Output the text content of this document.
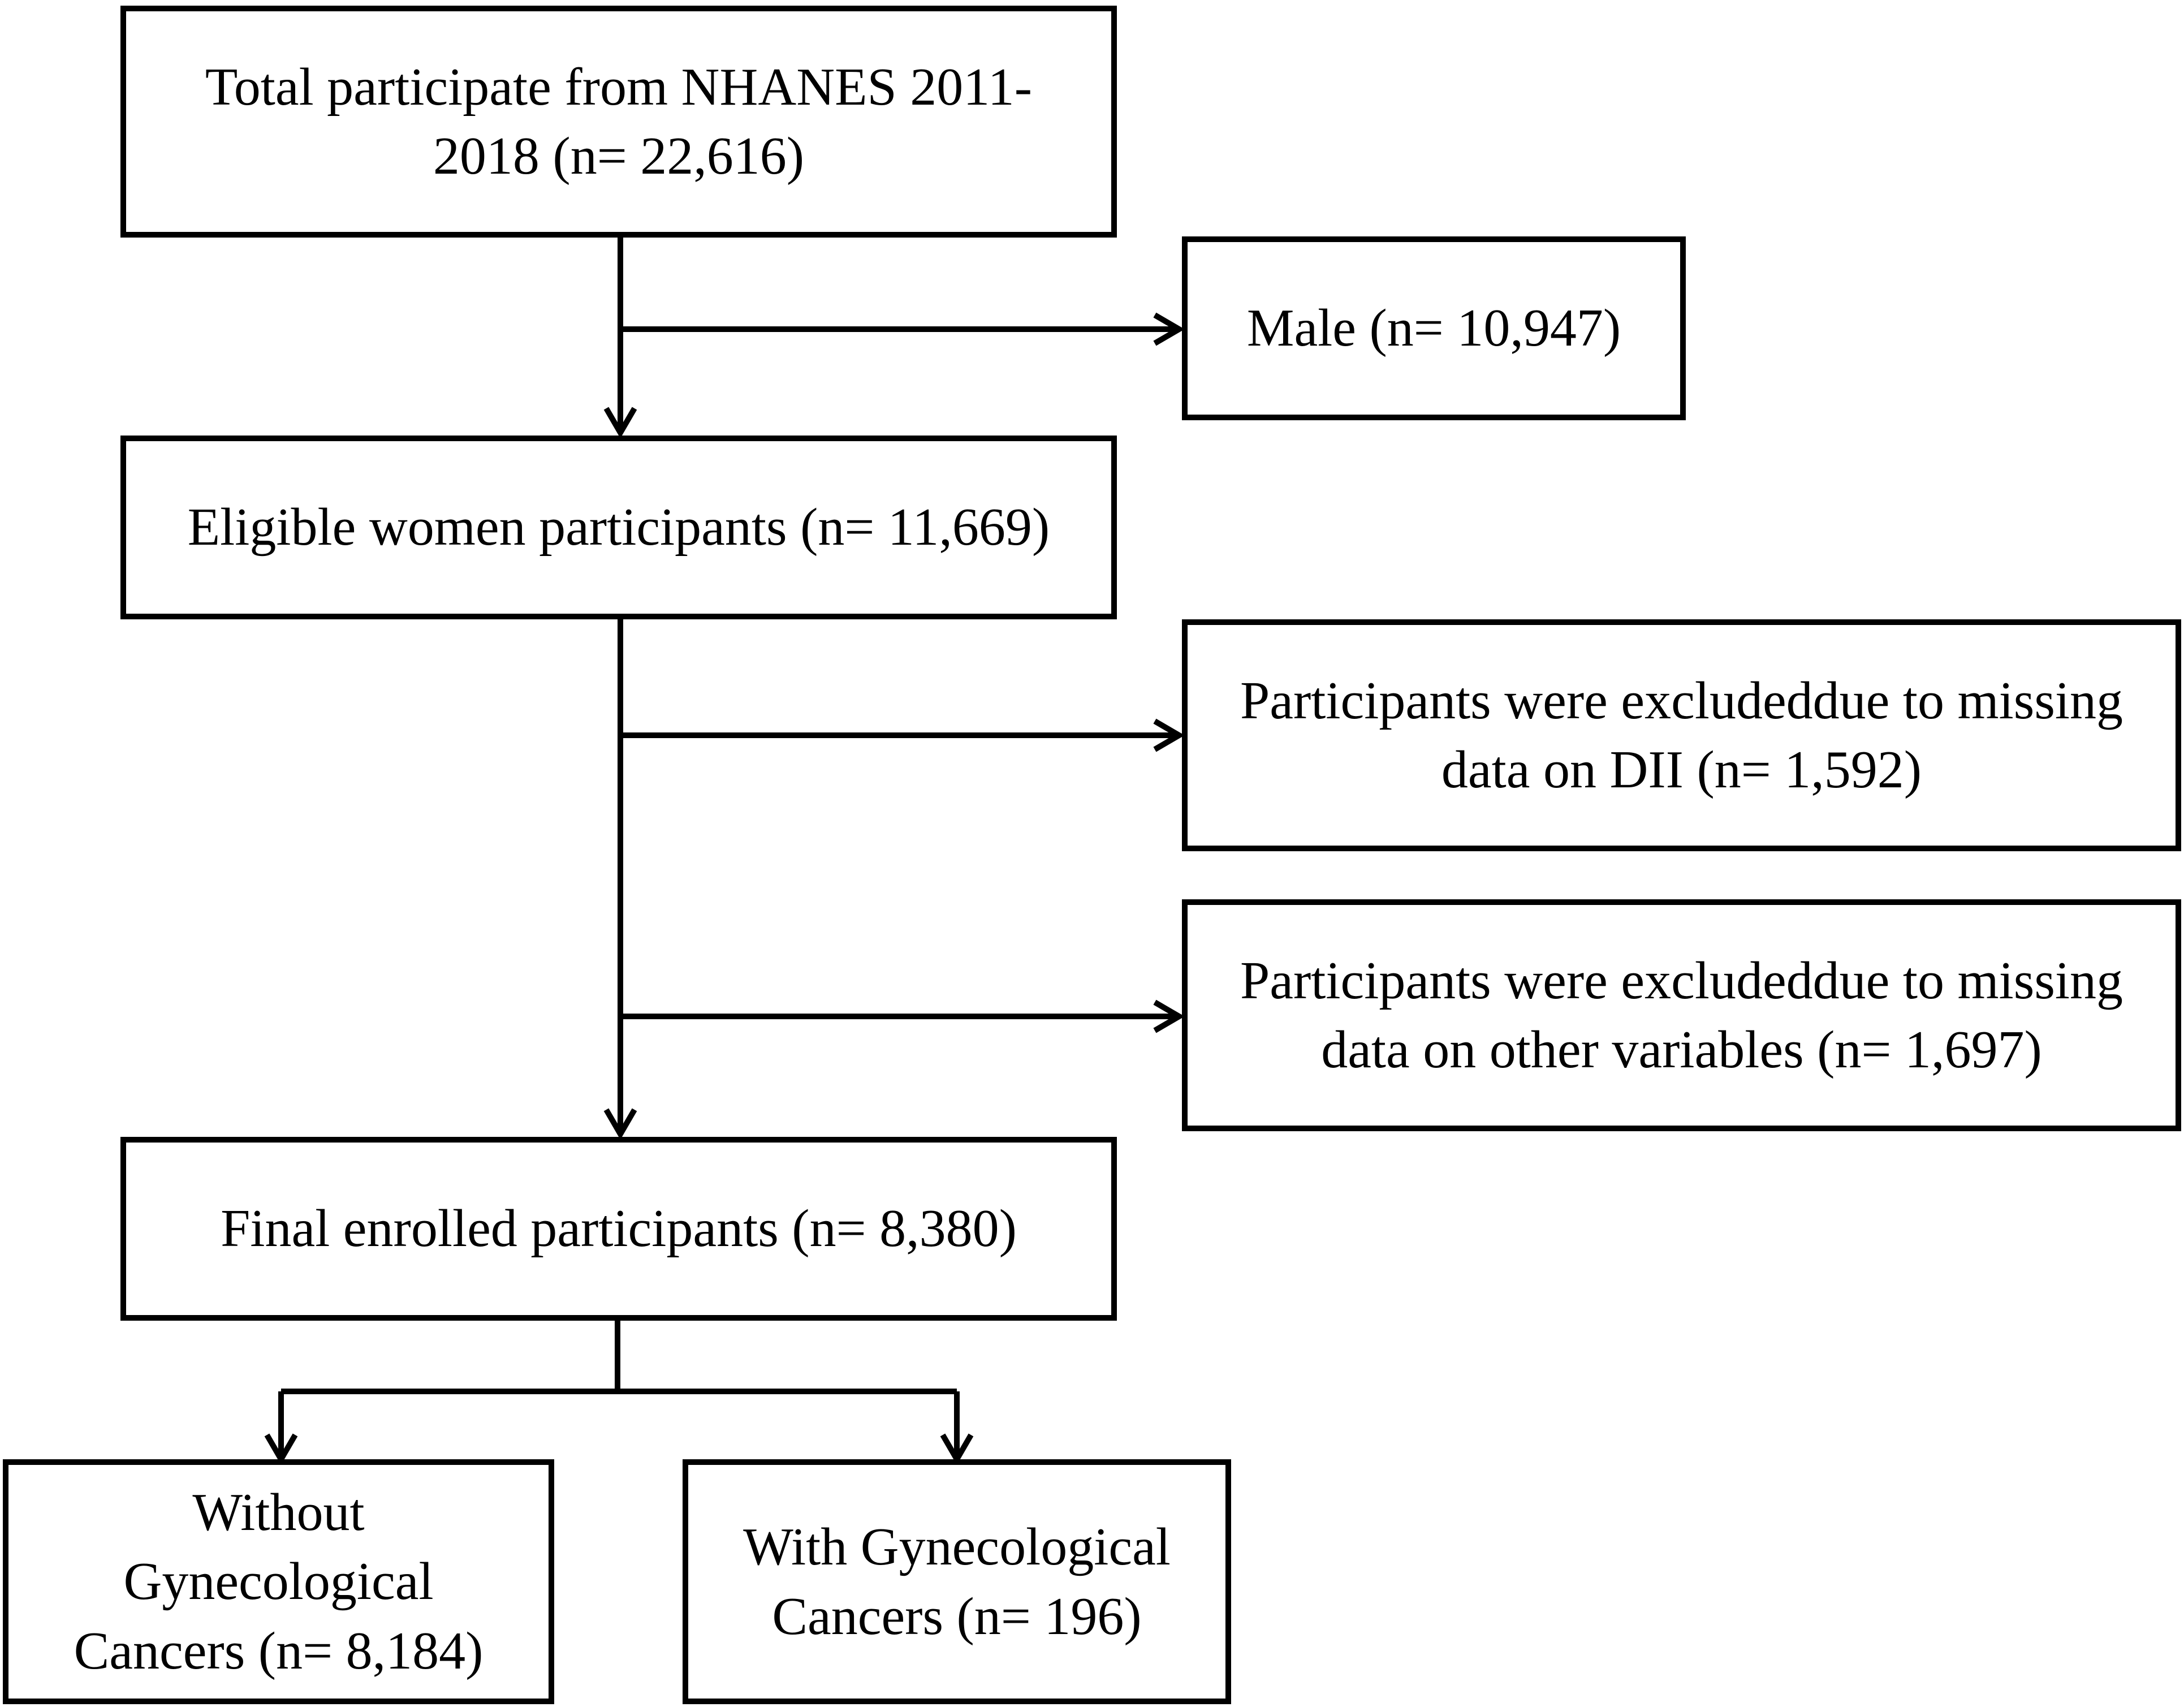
Total participate from NHANES 2011-
2018 (n= 22,616)
Male (n= 10,947)
Eligible women participants (n= 11,669)
Participants were excludeddue to missing
data on DII (n= 1,592)
Participants were excludeddue to missing
data on other variables (n= 1,697)
Final enrolled participants (n= 8,380)
Without
Gynecological
Cancers (n= 8,184)
With Gynecological
Cancers (n= 196)
